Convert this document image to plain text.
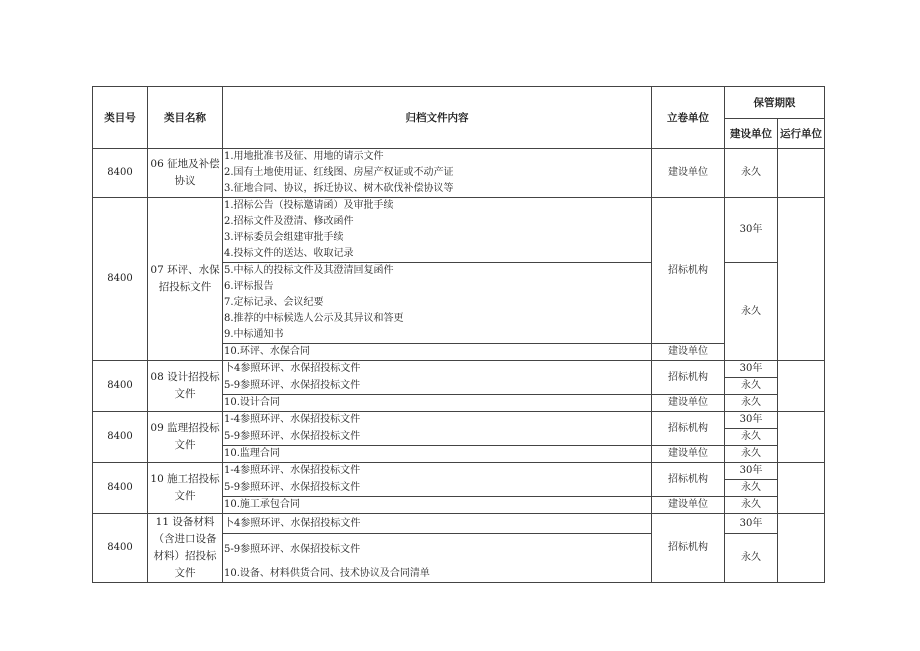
类目号	类目名称	归档文件内容	立卷单位	保管期限	
				建设单位	运行单位
8400	06 征地及补偿协议	1.用地批准书及征、用地的请示文件
2.国有土地使用证、红线图、房屋产权证或不动产证
3.征地合同、协议，拆迁协议、树木砍伐补偿协议等	建设单位	永久	
8400	07 环评、水保招投标文件	1.招标公告（投标邀请函）及审批手续
2.招标文件及澄清、修改函件
3.评标委员会组建审批手续
4.投标文件的送达、收取记录	招标机构	30年	

		5.中标人的投标文件及其澄清回复函件
6.评标报告
7.定标记录、会议纪要
8.推荐的中标候选人公示及其异议和答更
9.中标通知书		永久	
		10.环评、水保合同	建设单位		
8400	08 设计招投标文件	卜4参照环评、水保招投标文件	招标机构	30年	
		5-9参照环评、水保招投标文件		永久	
		10.设计合同	建设单位	永久	
8400	09 监理招投标文件	1-4参照环评、水保招投标文件	招标机构	30年	
		5-9参照环评、水保招投标文件		永久	
		10.监理合同	建设单位	永久	
8400	10 施工招投标文件	1-4参照环评、水保招投标文件	招标机构	30年	
		5-9参照环评、水保招投标文件		永久	
		10.施工承包合同	建设单位	永久	
8400	11 设备材料（含进口设备材料）招投标文件	卜4参照环评、水保招投标文件	招标机构	30年	
		5-9参照环评、水保招投标文件		永久	
		10.设备、材料供货合同、技术协议及合同清单			
